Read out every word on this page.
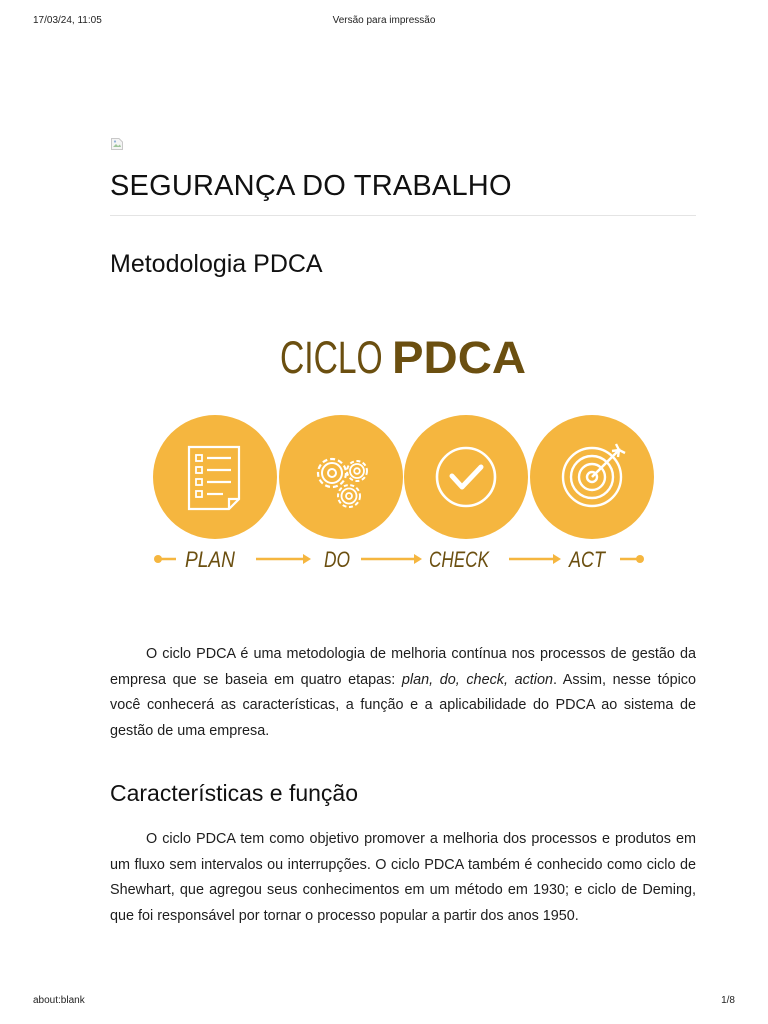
17/03/24, 11:05	Versão para impressão
SEGURANÇA DO TRABALHO
Metodologia PDCA
CICLO PDCA
PLAN	DO	CHECK	ACT

O ciclo PDCA é uma metodologia de melhoria contínua nos processos de gestão da empresa que se baseia em quatro etapas: plan, do, check, action. Assim, nesse tópico você conhecerá as características, a função e a aplicabilidade do PDCA ao sistema de gestão de uma empresa.

Características e função

O ciclo PDCA tem como objetivo promover a melhoria dos processos e produtos em um fluxo sem intervalos ou interrupções. O ciclo PDCA também é conhecido como ciclo de Shewhart, que agregou seus conhecimentos em um método em 1930; e ciclo de Deming, que foi responsável por tornar o processo popular a partir dos anos 1950.

about:blank	1/8
